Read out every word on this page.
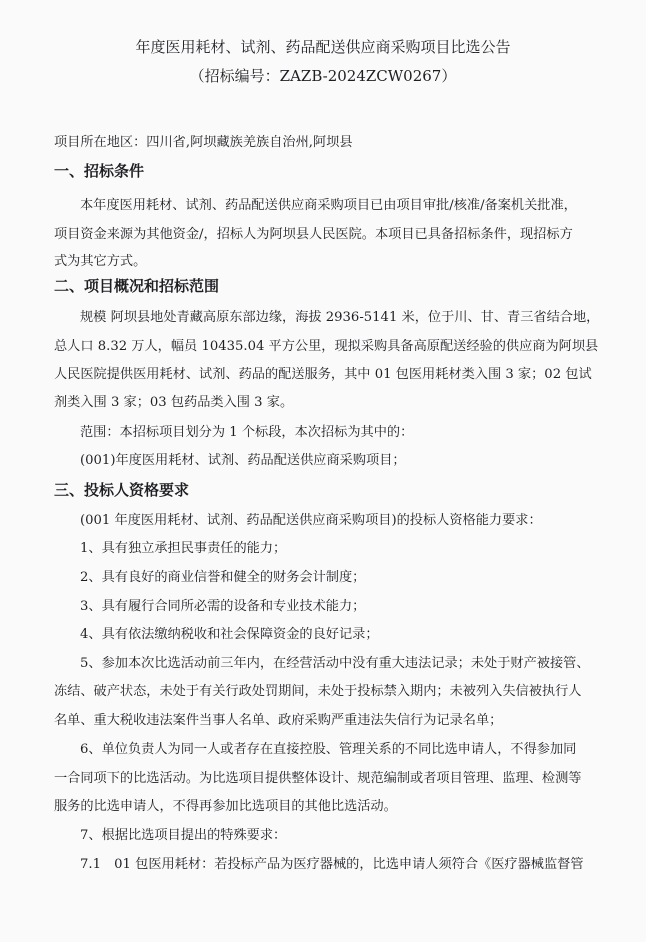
年度医用耗材、试剂、药品配送供应商采购项目比选公告
（招标编号：ZAZB-2024ZCW0267）
项目所在地区：四川省,阿坝藏族羌族自治州,阿坝县
一、招标条件
本年度医用耗材、试剂、药品配送供应商采购项目已由项目审批/核准/备案机关批准，
项目资金来源为其他资金/，招标人为阿坝县人民医院。本项目已具备招标条件，现招标方
式为其它方式。
二、项目概况和招标范围
规模 阿坝县地处青藏高原东部边缘，海拔 2936-5141 米，位于川、甘、青三省结合地，
总人口 8.32 万人，幅员 10435.04 平方公里，现拟采购具备高原配送经验的供应商为阿坝县
人民医院提供医用耗材、试剂、药品的配送服务，其中 01 包医用耗材类入围 3 家；02 包试
剂类入围 3 家；03 包药品类入围 3 家。
范围：本招标项目划分为 1 个标段，本次招标为其中的：
(001)年度医用耗材、试剂、药品配送供应商采购项目；
三、投标人资格要求
(001 年度医用耗材、试剂、药品配送供应商采购项目)的投标人资格能力要求：
1、具有独立承担民事责任的能力；
2、具有良好的商业信誉和健全的财务会计制度；
3、具有履行合同所必需的设备和专业技术能力；
4、具有依法缴纳税收和社会保障资金的良好记录；
5、参加本次比选活动前三年内，在经营活动中没有重大违法记录；未处于财产被接管、
冻结、破产状态，未处于有关行政处罚期间，未处于投标禁入期内；未被列入失信被执行人
名单、重大税收违法案件当事人名单、政府采购严重违法失信行为记录名单；
6、单位负责人为同一人或者存在直接控股、管理关系的不同比选申请人，不得参加同
一合同项下的比选活动。为比选项目提供整体设计、规范编制或者项目管理、监理、检测等
服务的比选申请人，不得再参加比选项目的其他比选活动。
7、根据比选项目提出的特殊要求：
7.1　01 包医用耗材：若投标产品为医疗器械的，比选申请人须符合《医疗器械监督管
